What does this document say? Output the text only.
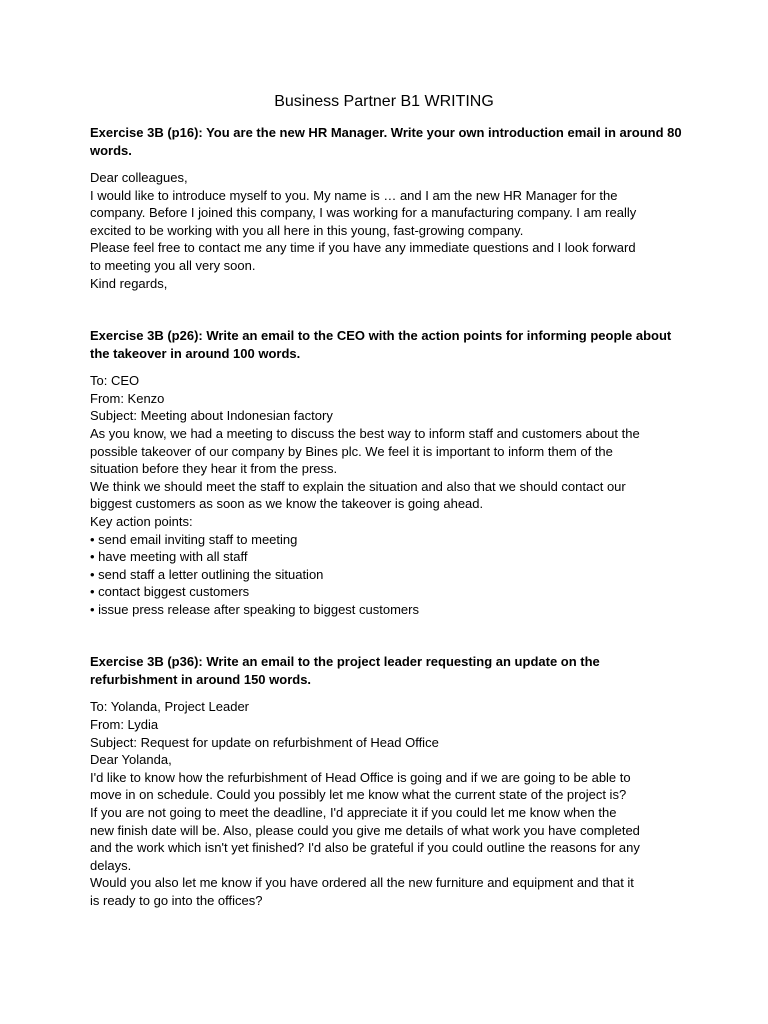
Business Partner B1 WRITING

Exercise 3B (p16): You are the new HR Manager. Write your own introduction email in around 80 words.

Dear colleagues,
I would like to introduce myself to you. My name is … and I am the new HR Manager for the
company. Before I joined this company, I was working for a manufacturing company. I am really
excited to be working with you all here in this young, fast-growing company.
Please feel free to contact me any time if you have any immediate questions and I look forward
to meeting you all very soon.
Kind regards,

Exercise 3B (p26): Write an email to the CEO with the action points for informing people about the takeover in around 100 words.

To: CEO
From: Kenzo
Subject: Meeting about Indonesian factory
As you know, we had a meeting to discuss the best way to inform staff and customers about the
possible takeover of our company by Bines plc. We feel it is important to inform them of the
situation before they hear it from the press.
We think we should meet the staff to explain the situation and also that we should contact our
biggest customers as soon as we know the takeover is going ahead.
Key action points:
• send email inviting staff to meeting
• have meeting with all staff
• send staff a letter outlining the situation
• contact biggest customers
• issue press release after speaking to biggest customers

Exercise 3B (p36): Write an email to the project leader requesting an update on the refurbishment in around 150 words.

To: Yolanda, Project Leader
From: Lydia
Subject: Request for update on refurbishment of Head Office
Dear Yolanda,
I'd like to know how the refurbishment of Head Office is going and if we are going to be able to
move in on schedule. Could you possibly let me know what the current state of the project is?
If you are not going to meet the deadline, I'd appreciate it if you could let me know when the
new finish date will be. Also, please could you give me details of what work you have completed
and the work which isn't yet finished? I'd also be grateful if you could outline the reasons for any
delays.
Would you also let me know if you have ordered all the new furniture and equipment and that it
is ready to go into the offices?
